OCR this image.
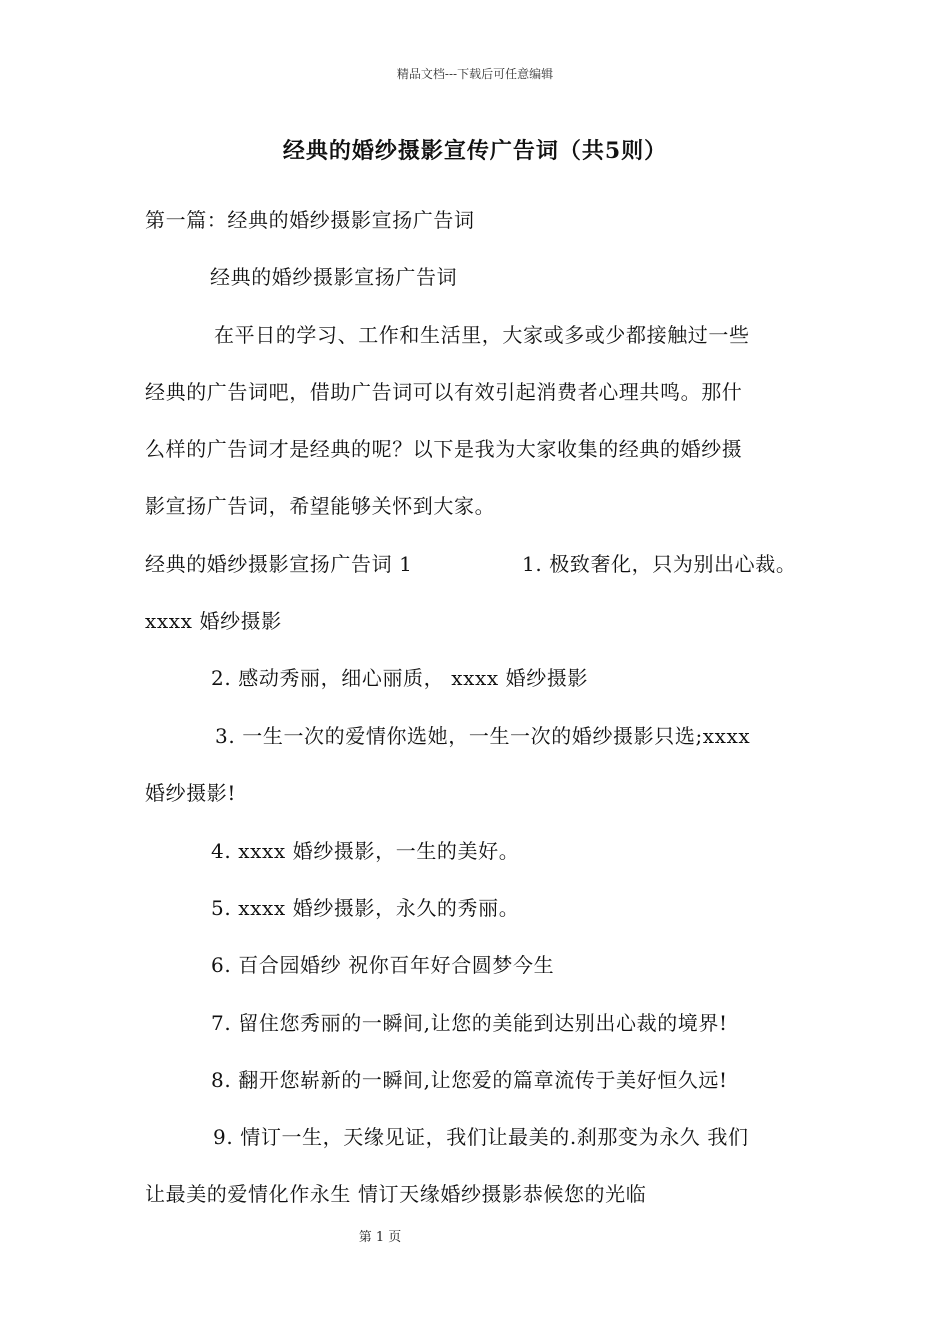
精品文档---下载后可任意编辑
经典的婚纱摄影宣传广告词（共5则）
第一篇：经典的婚纱摄影宣扬广告词
经典的婚纱摄影宣扬广告词
在平日的学习、工作和生活里，大家或多或少都接触过一些
经典的广告词吧，借助广告词可以有效引起消费者心理共鸣。那什
么样的广告词才是经典的呢？以下是我为大家收集的经典的婚纱摄
影宣扬广告词，希望能够关怀到大家。
经典的婚纱摄影宣扬广告词 1	1. 极致奢化，只为别出心裁。
xxxx 婚纱摄影
2. 感动秀丽，细心丽质， xxxx 婚纱摄影
3. 一生一次的爱情你选她，一生一次的婚纱摄影只选;xxxx
婚纱摄影!
4. xxxx 婚纱摄影，一生的美好。
5. xxxx 婚纱摄影，永久的秀丽。
6. 百合园婚纱 祝你百年好合圆梦今生
7. 留住您秀丽的一瞬间,让您的美能到达别出心裁的境界!
8. 翻开您崭新的一瞬间,让您爱的篇章流传于美好恒久远!
9. 情订一生，天缘见证，我们让最美的.刹那变为永久 我们
让最美的爱情化作永生 情订天缘婚纱摄影恭候您的光临
第 1 页
